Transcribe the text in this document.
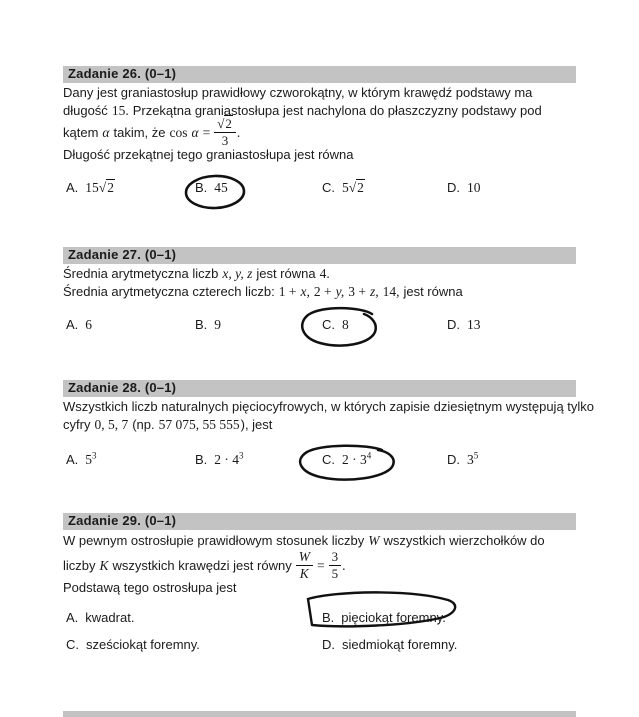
Zadanie 26. (0–1)
Dany jest graniastosłup prawidłowy czworokątny, w którym krawędź podstawy ma
długość 15. Przekątna graniastosłupa jest nachylona do płaszczyzny podstawy pod
kątem α takim, że $\cos \alpha = \frac{√2}{3}$ .
Długość przekątnej tego graniastosłupa jest równa
A. 15√2	B. 45	C. 5√2	D. 10
Zadanie 27. (0–1)
Średnia arytmetyczna liczb x, y, z jest równa 4.
Średnia arytmetyczna czterech liczb: 1 + x, 2 + y, 3 + z, 14, jest równa
A. 6	B. 9	C. 8	D. 13
Zadanie 28. (0–1)
Wszystkich liczb naturalnych pięciocyfrowych, w których zapisie dziesiętnym występują tylko
cyfry 0, 5, 7 (np. 57 075, 55 555 ), jest
A. $5^3$	B. $2 \cdot 4^3$	C. $2 \cdot 3^4$	D. $3^5$
Zadanie 29. (0–1)
W pewnym ostrosłupie prawidłowym stosunek liczby W wszystkich wierzchołków do
liczby K wszystkich krawędzi jest równy $\frac{W}{K} = \frac{3}{5}$ .
Podstawą tego ostrosłupa jest
A. kwadrat.	B. pięciokąt foremny.
C. sześciokąt foremny.	D. siedmiokąt foremny.
